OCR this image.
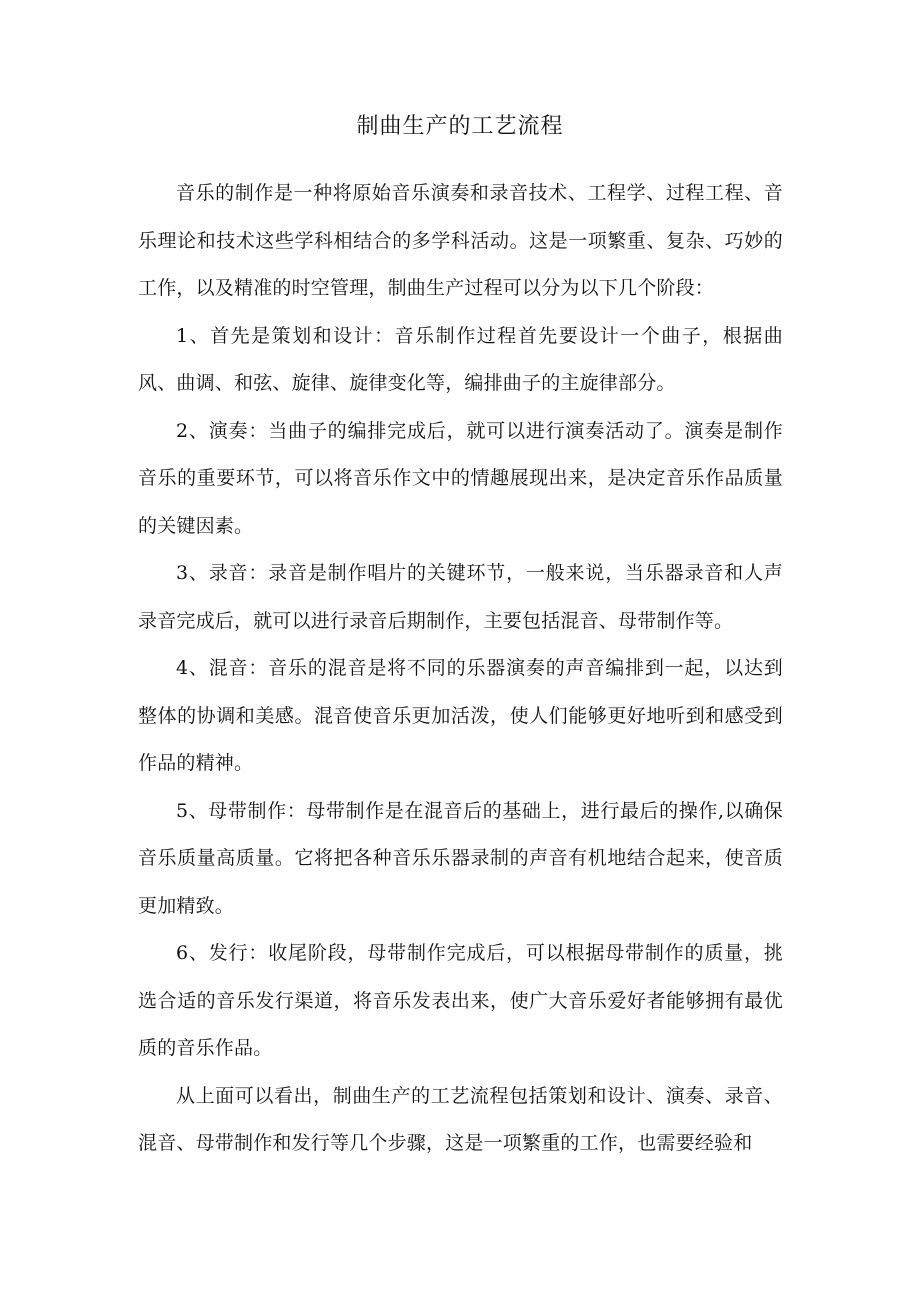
制曲生产的工艺流程

音乐的制作是一种将原始音乐演奏和录音技术、工程学、过程工程、音乐理论和技术这些学科相结合的多学科活动。这是一项繁重、复杂、巧妙的工作，以及精准的时空管理，制曲生产过程可以分为以下几个阶段：

1、首先是策划和设计：音乐制作过程首先要设计一个曲子，根据曲风、曲调、和弦、旋律、旋律变化等，编排曲子的主旋律部分。

2、演奏：当曲子的编排完成后，就可以进行演奏活动了。演奏是制作音乐的重要环节，可以将音乐作文中的情趣展现出来，是决定音乐作品质量的关键因素。

3、录音：录音是制作唱片的关键环节，一般来说，当乐器录音和人声录音完成后，就可以进行录音后期制作，主要包括混音、母带制作等。

4、混音：音乐的混音是将不同的乐器演奏的声音编排到一起，以达到整体的协调和美感。混音使音乐更加活泼，使人们能够更好地听到和感受到作品的精神。

5、母带制作：母带制作是在混音后的基础上，进行最后的操作,以确保音乐质量高质量。它将把各种音乐乐器录制的声音有机地结合起来，使音质更加精致。

6、发行：收尾阶段，母带制作完成后，可以根据母带制作的质量，挑选合适的音乐发行渠道，将音乐发表出来，使广大音乐爱好者能够拥有最优质的音乐作品。

从上面可以看出，制曲生产的工艺流程包括策划和设计、演奏、录音、混音、母带制作和发行等几个步骤，这是一项繁重的工作，也需要经验和
